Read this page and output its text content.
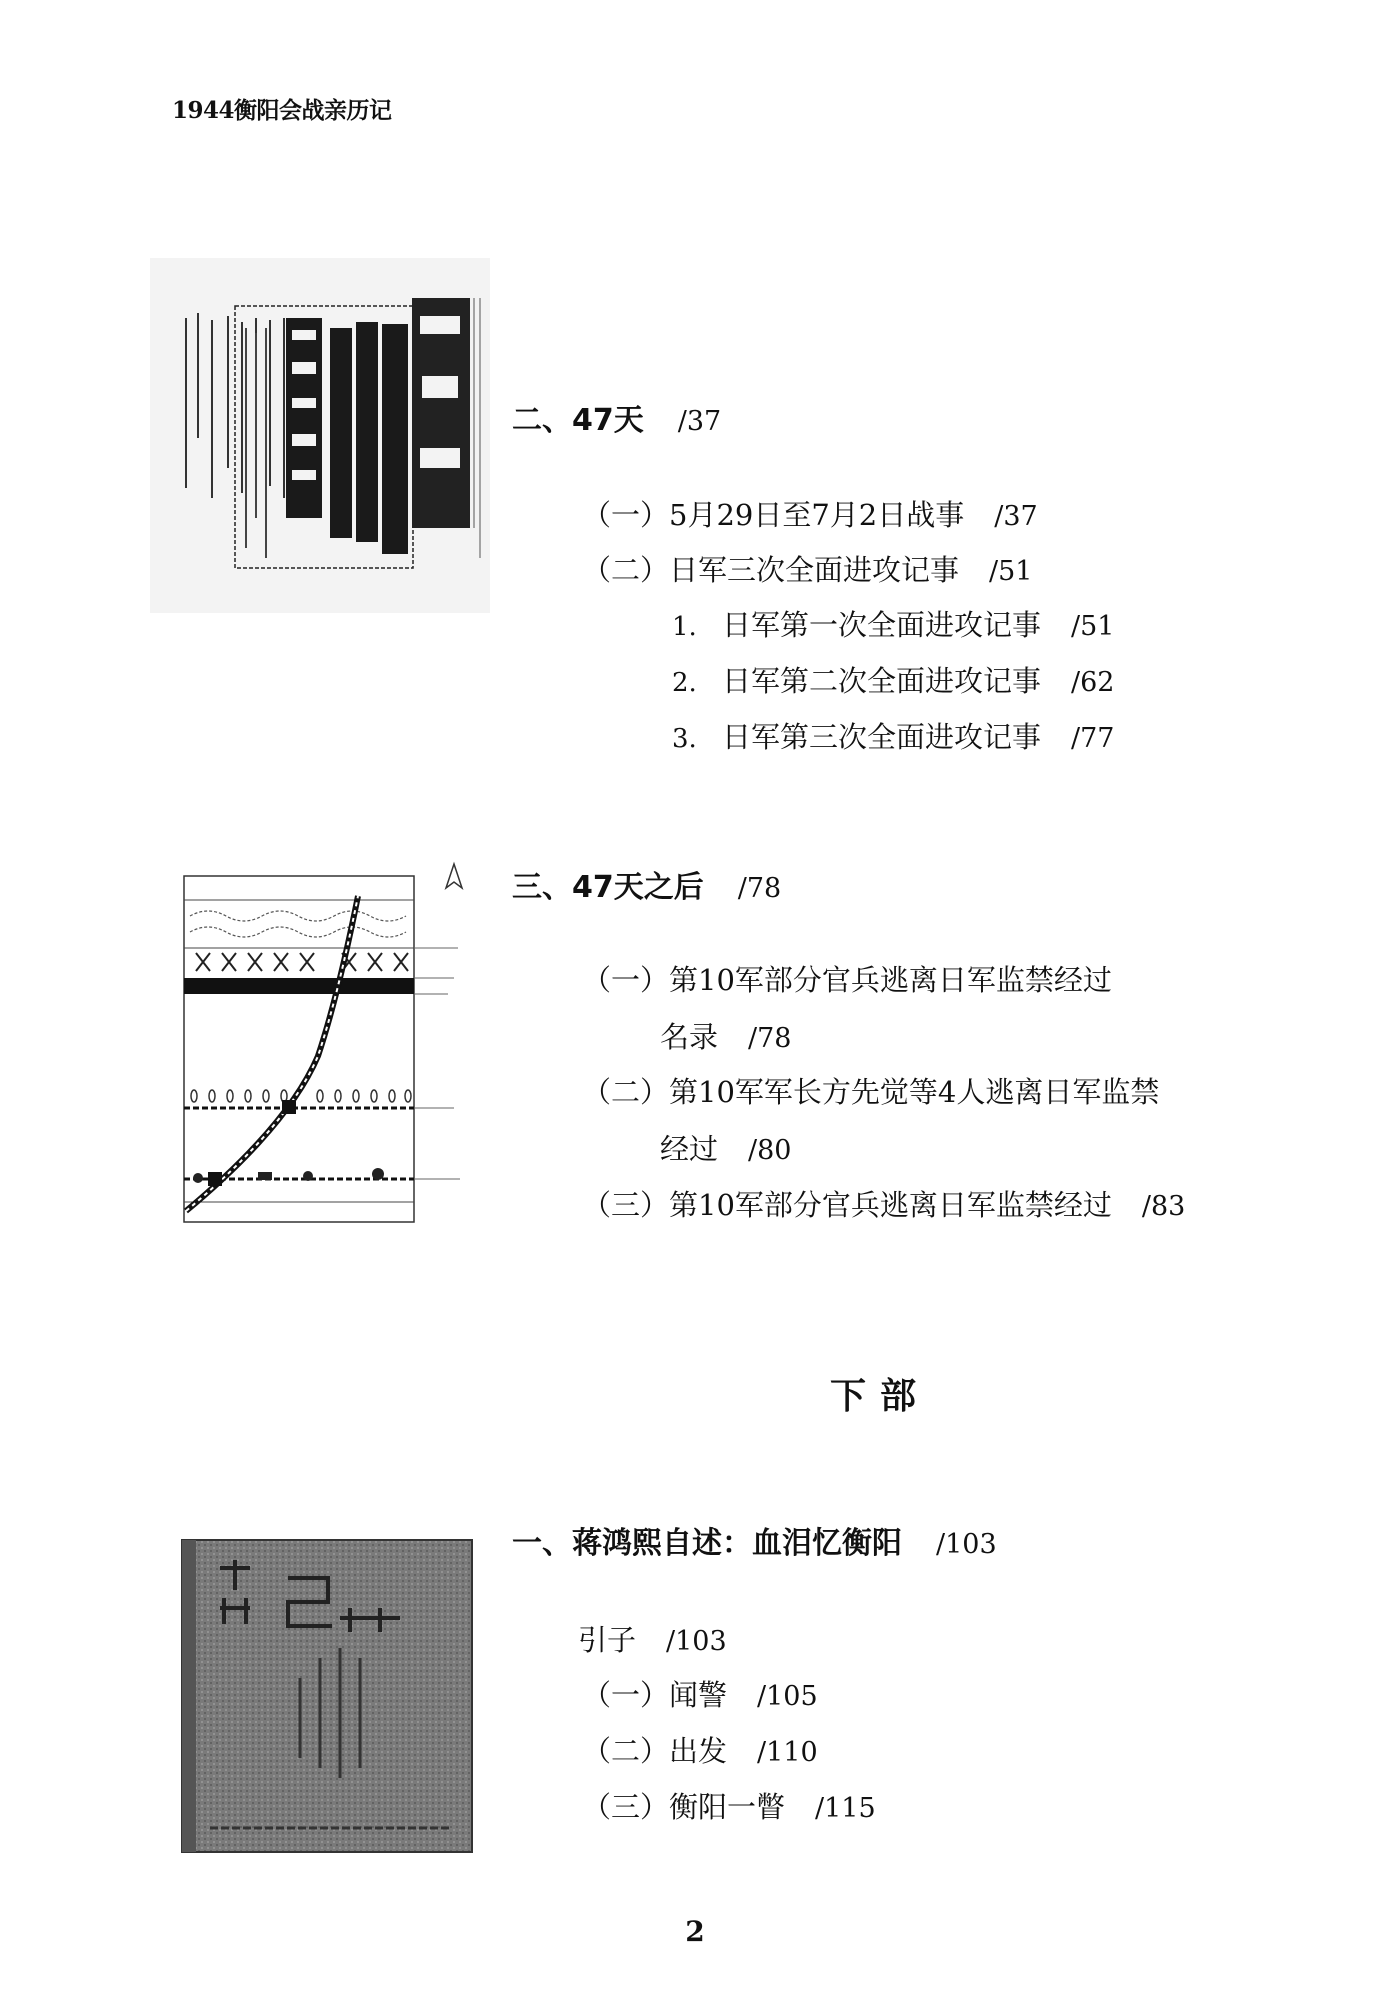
1944衡阳会战亲历记
二、47天 /37
（一）5月29日至7月2日战事 /37
（二）日军三次全面进攻记事 /51
1. 日军第一次全面进攻记事 /51
2. 日军第二次全面进攻记事 /62
3. 日军第三次全面进攻记事 /77
三、47天之后 /78
（一）第10军部分官兵逃离日军监禁经过
名录 /78
（二）第10军军长方先觉等4人逃离日军监禁
经过 /80
（三）第10军部分官兵逃离日军监禁经过 /83
下部
一、蒋鸿熙自述：血泪忆衡阳 /103
引子 /103
（一）闻警 /105
（二）出发 /110
（三）衡阳一瞥 /115
2
